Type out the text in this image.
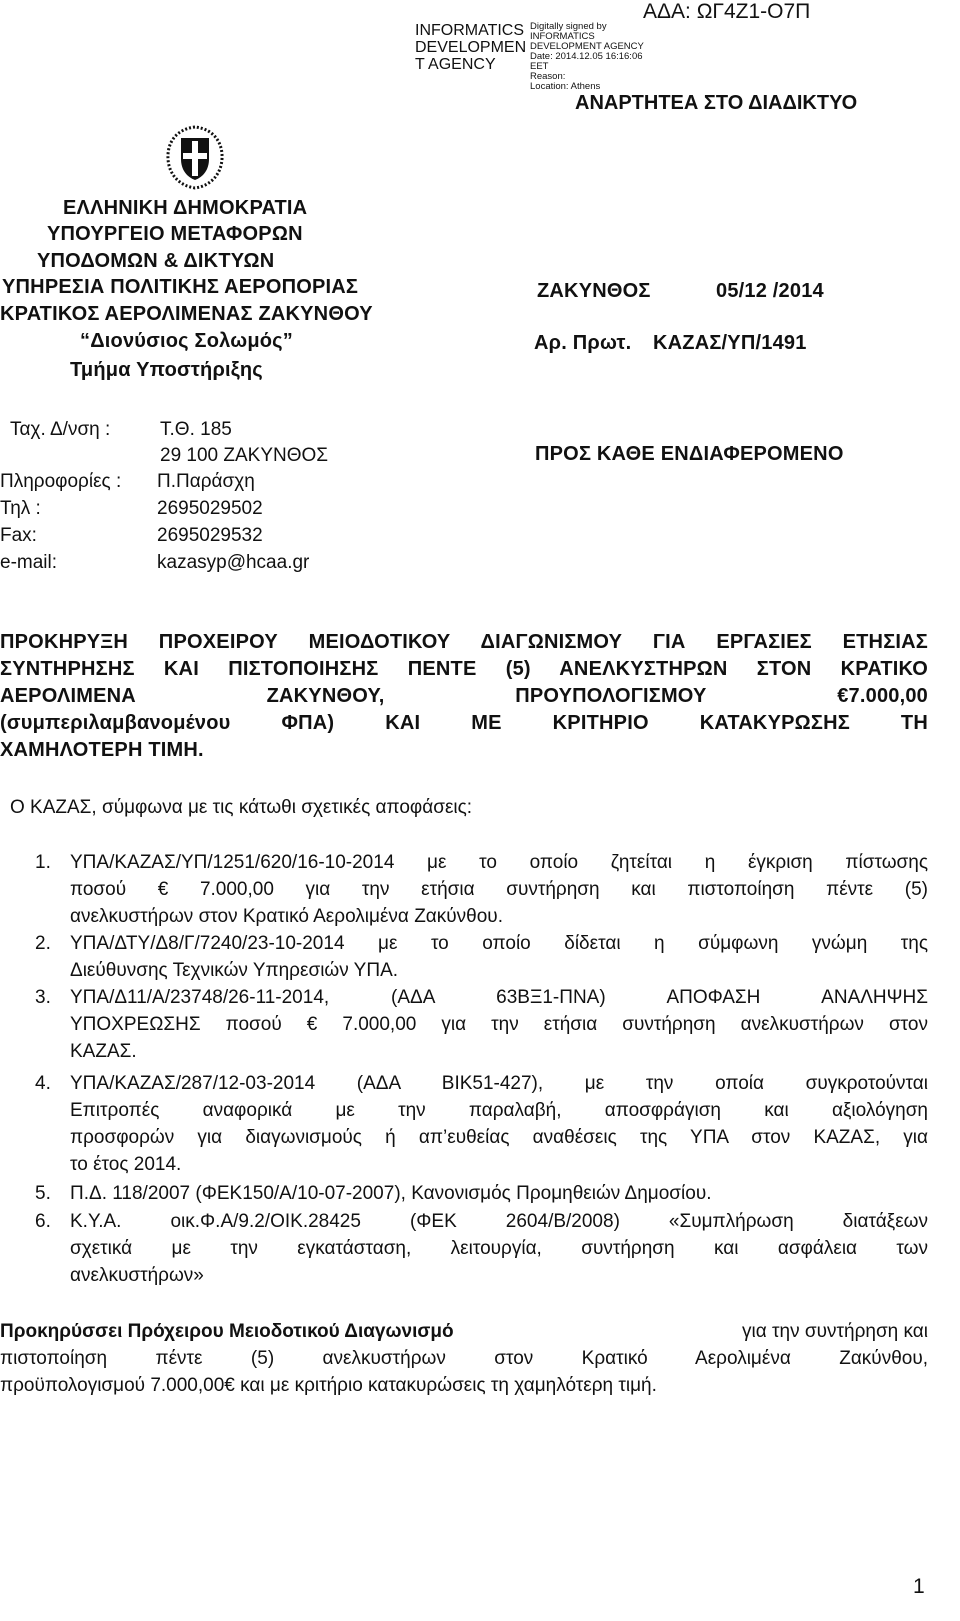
INFORMATICS
DEVELOPMEN
T AGENCY
Digitally signed by
INFORMATICS
DEVELOPMENT AGENCY
Date: 2014.12.05 16:16:06
EET
Reason:
Location: Athens
ΑΔΑ: ΩΓ4Ζ1-Ο7Π
ΑΝΑΡΤΗΤΕΑ ΣΤΟ ΔΙΑΔΙΚΤΥΟ
ΕΛΛΗΝΙΚΗ ΔΗΜΟΚΡΑΤΙΑ
ΥΠΟΥΡΓΕΙΟ ΜΕΤΑΦΟΡΩΝ
ΥΠΟΔΟΜΩΝ & ΔΙΚΤΥΩΝ
ΥΠΗΡΕΣΙΑ ΠΟΛΙΤΙΚΗΣ ΑΕΡΟΠΟΡΙΑΣ
ΚΡΑΤΙΚΟΣ ΑΕΡΟΛΙΜΕΝΑΣ ΖΑΚΥΝΘΟΥ
“Διονύσιος Σολωμός”
Τμήμα Υποστήριξης
ΖΑΚΥΝΘΟΣ	05/12 /2014
Αρ. Πρωτ. ΚΑΖΑΣ/ΥΠ/1491
Ταχ. Δ/νση :	Τ.Θ. 185
29 100 ΖΑΚΥΝΘΟΣ
Πληροφορίες : Π.Παράσχη
Τηλ :	2695029502
Fax:	2695029532
e-mail:	kazasyp@hcaa.gr
ΠΡΟΣ ΚΑΘΕ ΕΝΔΙΑΦΕΡΟΜΕΝΟ
ΠΡΟΚΗΡΥΞΗ ΠΡΟΧΕΙΡΟΥ ΜΕΙΟΔΟΤΙΚΟΥ ΔΙΑΓΩΝΙΣΜΟΥ ΓΙΑ ΕΡΓΑΣΙΕΣ ΕΤΗΣΙΑΣ
ΣΥΝΤΗΡΗΣΗΣ ΚΑΙ ΠΙΣΤΟΠΟΙΗΣΗΣ ΠΕΝΤΕ (5) ΑΝΕΛΚΥΣΤΗΡΩΝ ΣΤΟΝ ΚΡΑΤΙΚΟ
ΑΕΡΟΛΙΜΕΝΑ ΖΑΚΥΝΘΟΥ, ΠΡΟΥΠΟΛΟΓΙΣΜΟΥ €7.000,00
(συμπεριλαμβανομένου ΦΠΑ) ΚΑΙ ΜΕ ΚΡΙΤΗΡΙΟ ΚΑΤΑΚΥΡΩΣΗΣ ΤΗ
ΧΑΜΗΛΟΤΕΡΗ ΤΙΜΗ.
Ο ΚΑΖΑΣ, σύμφωνα με τις κάτωθι σχετικές αποφάσεις:
1. ΥΠΑ/ΚΑΖΑΣ/ΥΠ/1251/620/16-10-2014 με το οποίο ζητείται η έγκριση πίστωσης
ποσού € 7.000,00 για την ετήσια συντήρηση και πιστοποίηση πέντε (5)
ανελκυστήρων στον Κρατικό Αερολιμένα Ζακύνθου.
2. ΥΠΑ/ΔΤΥ/Δ8/Γ/7240/23-10-2014 με το οποίο δίδεται η σύμφωνη γνώμη της
Διεύθυνσης Τεχνικών Υπηρεσιών ΥΠΑ.
3. ΥΠΑ/Δ11/Α/23748/26-11-2014, (ΑΔΑ 63ΒΞ1-ΠΝΑ) ΑΠΟΦΑΣΗ ΑΝΑΛΗΨΗΣ
ΥΠΟΧΡΕΩΣΗΣ ποσού € 7.000,00 για την ετήσια συντήρηση ανελκυστήρων στον
ΚΑΖΑΣ.
4. ΥΠΑ/ΚΑΖΑΣ/287/12-03-2014 (ΑΔΑ ΒΙΚ51-427), με την οποία συγκροτούνται
Επιτροπές αναφορικά με την παραλαβή, αποσφράγιση και αξιολόγηση
προσφορών για διαγωνισμούς ή απ’ευθείας αναθέσεις της ΥΠΑ στον ΚΑΖΑΣ, για
το έτος 2014.
5. Π.Δ. 118/2007 (ΦΕΚ150/Α/10-07-2007), Κανονισμός Προμηθειών Δημοσίου.
6. Κ.Υ.Α. οικ.Φ.Α/9.2/ΟΙΚ.28425 (ΦΕΚ 2604/Β/2008) «Συμπλήρωση διατάξεων
σχετικά με την εγκατάσταση, λειτουργία, συντήρηση και ασφάλεια των
ανελκυστήρων»
Προκηρύσσει Πρόχειρου Μειοδοτικού Διαγωνισμό	για την συντήρηση και
πιστοποίηση πέντε (5) ανελκυστήρων στον Κρατικό Αερολιμένα Ζακύνθου,
προϋπολογισμού 7.000,00€ και με κριτήριο κατακυρώσεις τη χαμηλότερη τιμή.
1
